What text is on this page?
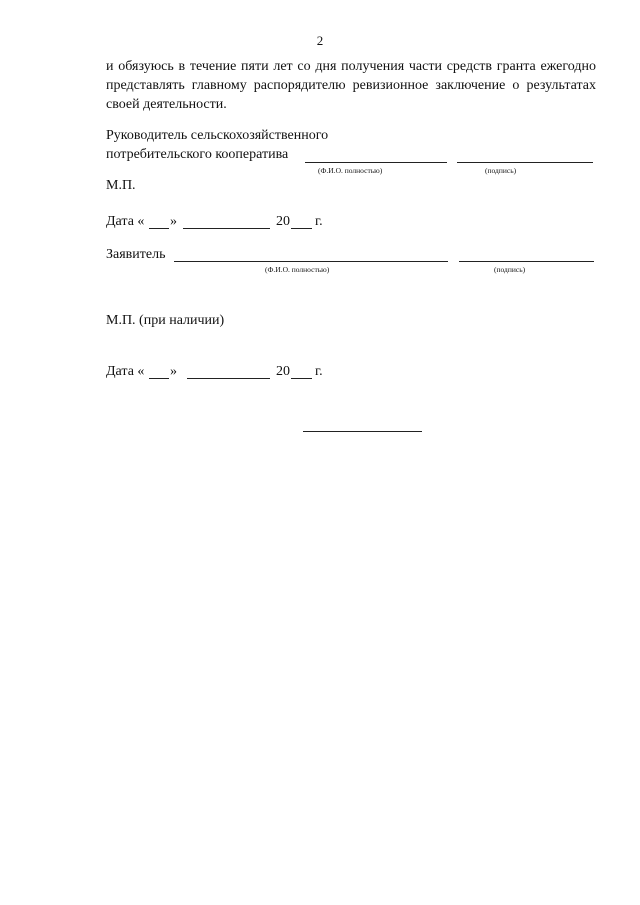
2
и обязуюсь в течение пяти лет со дня получения части средств гранта ежегодно
представлять главному распорядителю ревизионное заключение о результатах
своей деятельности.
Руководитель сельскохозяйственного
потребительского кооператива
(Ф.И.О. полностью)	(подпись)
М.П.
Дата « »	20 г.
Заявитель
(Ф.И.О. полностью)	(подпись)
М.П. (при наличии)
Дата « »	20 г.
